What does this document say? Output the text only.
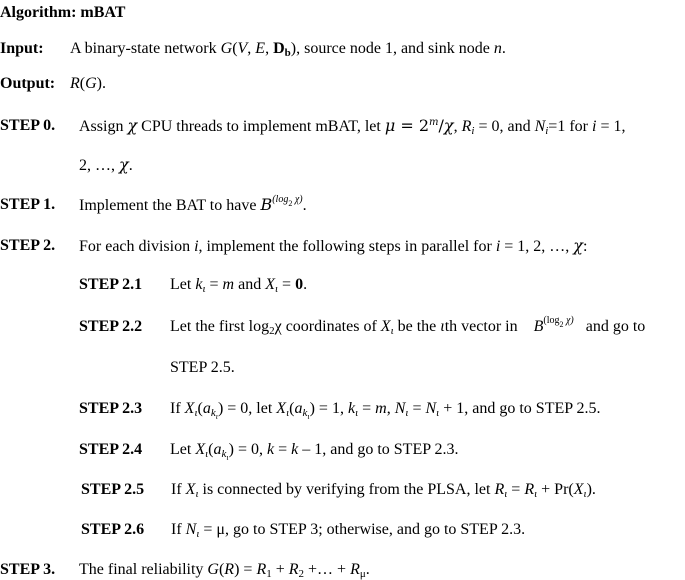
Algorithm: mBAT
Input: A binary-state network G(V, E, Db), source node 1, and sink node n.
Output: R(G).
STEP 0. Assign χ CPU threads to implement mBAT, let $\mu = 2^m/\chi$, Ri = 0, and Ni=1 for i = 1,
2, …, χ.
STEP 1. Implement the BAT to have $B^{(log2}$ $^{\chi)}$.
STEP 2. For each division i, implement the following steps in parallel for i = 1, 2, …, χ:
STEP 2.1 Let kι = m and Xι = 0.
STEP 2.2 Let the first log2χ coordinates of Xι be the ιth vector in $B^{(log2}$ $^{\chi)}$ and go to
STEP 2.5.
STEP 2.3 If $X\iota(ak_\iota) = 0$, let $X\iota(ak_\iota) = 1$, kι = m, Nι = Nι + 1, and go to STEP 2.5.
STEP 2.4 Let $X\iota(ak_\iota) = 0$, k = k – 1, and go to STEP 2.3.
STEP 2.5 If Xι is connected by verifying from the PLSA, let Rι = Rι + Pr(Xι).
STEP 2.6 If Nι = μ, go to STEP 3; otherwise, and go to STEP 2.3.
STEP 3. The final reliability G(R) = R1 + R2 +… + Rμ.
